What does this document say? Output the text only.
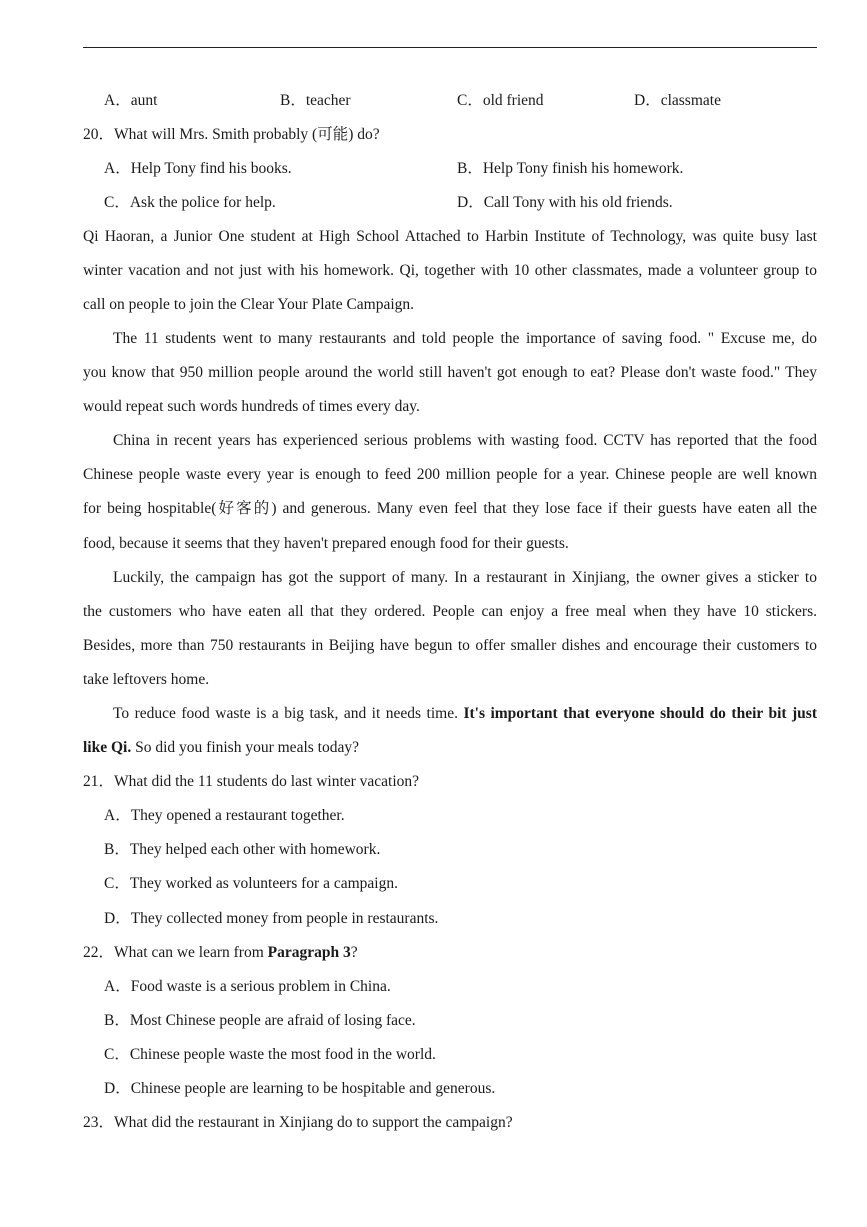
A．aunt	B．teacher	C．old friend	D．classmate
20．What will Mrs. Smith probably (可能) do?
A．Help Tony find his books.	B．Help Tony finish his homework.
C．Ask the police for help.	D．Call Tony with his old friends.
Qi Haoran, a Junior One student at High School Attached to Harbin Institute of Technology, was quite busy last
winter vacation and not just with his homework. Qi, together with 10 other classmates, made a volunteer group to
call on people to join the Clear Your Plate Campaign.
The 11 students went to many restaurants and told people the importance of saving food. " Excuse me, do
you know that 950 million people around the world still haven't got enough to eat? Please don't waste food." They
would repeat such words hundreds of times every day.
China in recent years has experienced serious problems with wasting food. CCTV has reported that the food
Chinese people waste every year is enough to feed 200 million people for a year. Chinese people are well known
for being hospitable(好客的) and generous. Many even feel that they lose face if their guests have eaten all the
food, because it seems that they haven't prepared enough food for their guests.
Luckily, the campaign has got the support of many. In a restaurant in Xinjiang, the owner gives a sticker to
the customers who have eaten all that they ordered. People can enjoy a free meal when they have 10 stickers.
Besides, more than 750 restaurants in Beijing have begun to offer smaller dishes and encourage their customers to
take leftovers home.
To reduce food waste is a big task, and it needs time. It's important that everyone should do their bit just
like Qi. So did you finish your meals today?
21．What did the 11 students do last winter vacation?
A．They opened a restaurant together.
B．They helped each other with homework.
C．They worked as volunteers for a campaign.
D．They collected money from people in restaurants.
22．What can we learn from Paragraph 3?
A．Food waste is a serious problem in China.
B．Most Chinese people are afraid of losing face.
C．Chinese people waste the most food in the world.
D．Chinese people are learning to be hospitable and generous.
23．What did the restaurant in Xinjiang do to support the campaign?
